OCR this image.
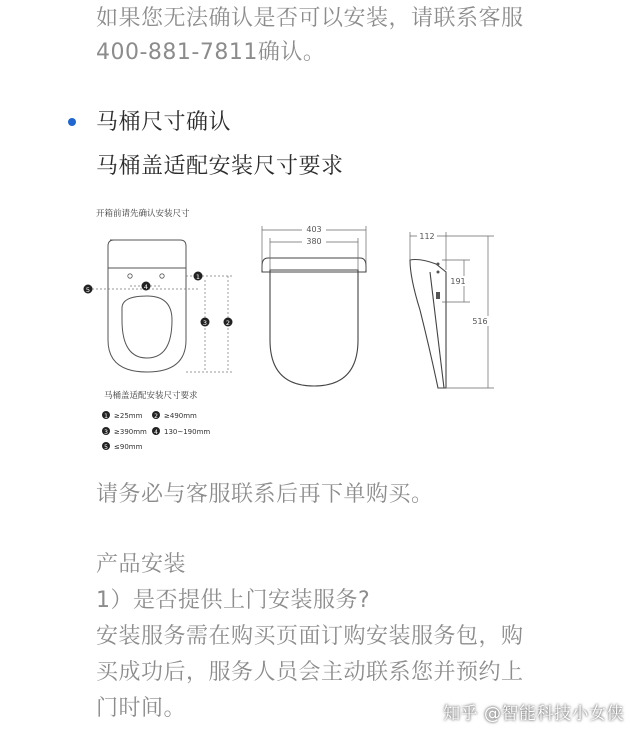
如果您无法确认是否可以安装，请联系客服

400-881-7811确认。

马桶尺寸确认

马桶盖适配安装尺寸要求

开箱前请先确认安装尺寸
5	4
1
3	2
马桶盖适配安装尺寸要求
403
380
112
191
516
1 ≥25mm 2 ≥490mm
3 ≥390mm 4 130~190mm
5 ≤90mm

请务必与客服联系后再下单购买。

产品安装

1）是否提供上门安装服务?

安装服务需在购买页面订购安装服务包，购

买成功后，服务人员会主动联系您并预约上

门时间。	知乎 @智能科技小女侠
